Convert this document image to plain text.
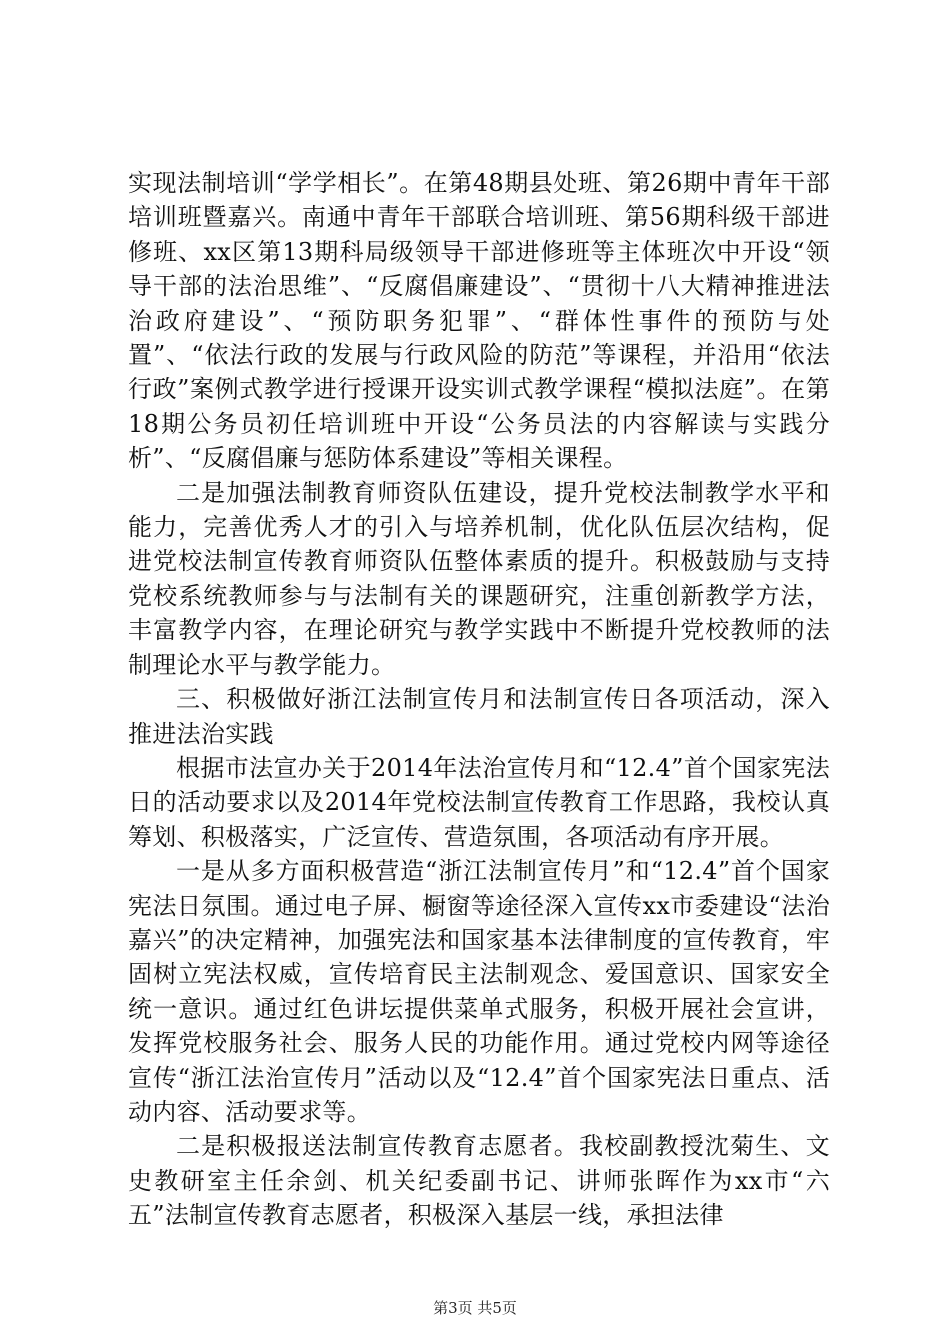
实现法制培训“学学相长”。在第48期县处班、第26期中青年干部培训班暨嘉兴。南通中青年干部联合培训班、第56期科级干部进修班、xx区第13期科局级领导干部进修班等主体班次中开设“领导干部的法治思维”、“反腐倡廉建设”、“贯彻十八大精神推进法治政府建设”、“预防职务犯罪”、“群体性事件的预防与处置”、“依法行政的发展与行政风险的防范”等课程，并沿用“依法行政”案例式教学进行授课开设实训式教学课程“模拟法庭”。在第18期公务员初任培训班中开设“公务员法的内容解读与实践分析”、“反腐倡廉与惩防体系建设”等相关课程。

二是加强法制教育师资队伍建设，提升党校法制教学水平和能力，完善优秀人才的引入与培养机制，优化队伍层次结构，促进党校法制宣传教育师资队伍整体素质的提升。积极鼓励与支持党校系统教师参与与法制有关的课题研究，注重创新教学方法，丰富教学内容，在理论研究与教学实践中不断提升党校教师的法制理论水平与教学能力。

三、积极做好浙江法制宣传月和法制宣传日各项活动，深入推进法治实践

根据市法宣办关于2014年法治宣传月和“12.4”首个国家宪法日的活动要求以及2014年党校法制宣传教育工作思路，我校认真筹划、积极落实，广泛宣传、营造氛围，各项活动有序开展。

一是从多方面积极营造“浙江法制宣传月”和“12.4”首个国家宪法日氛围。通过电子屏、橱窗等途径深入宣传xx市委建设“法治嘉兴”的决定精神，加强宪法和国家基本法律制度的宣传教育，牢固树立宪法权威，宣传培育民主法制观念、爱国意识、国家安全统一意识。通过红色讲坛提供菜单式服务，积极开展社会宣讲，发挥党校服务社会、服务人民的功能作用。通过党校内网等途径宣传“浙江法治宣传月”活动以及“12.4”首个国家宪法日重点、活动内容、活动要求等。

二是积极报送法制宣传教育志愿者。我校副教授沈菊生、文史教研室主任余剑、机关纪委副书记、讲师张晖作为xx市“六五”法制宣传教育志愿者，积极深入基层一线，承担法律

第3页 共5页
